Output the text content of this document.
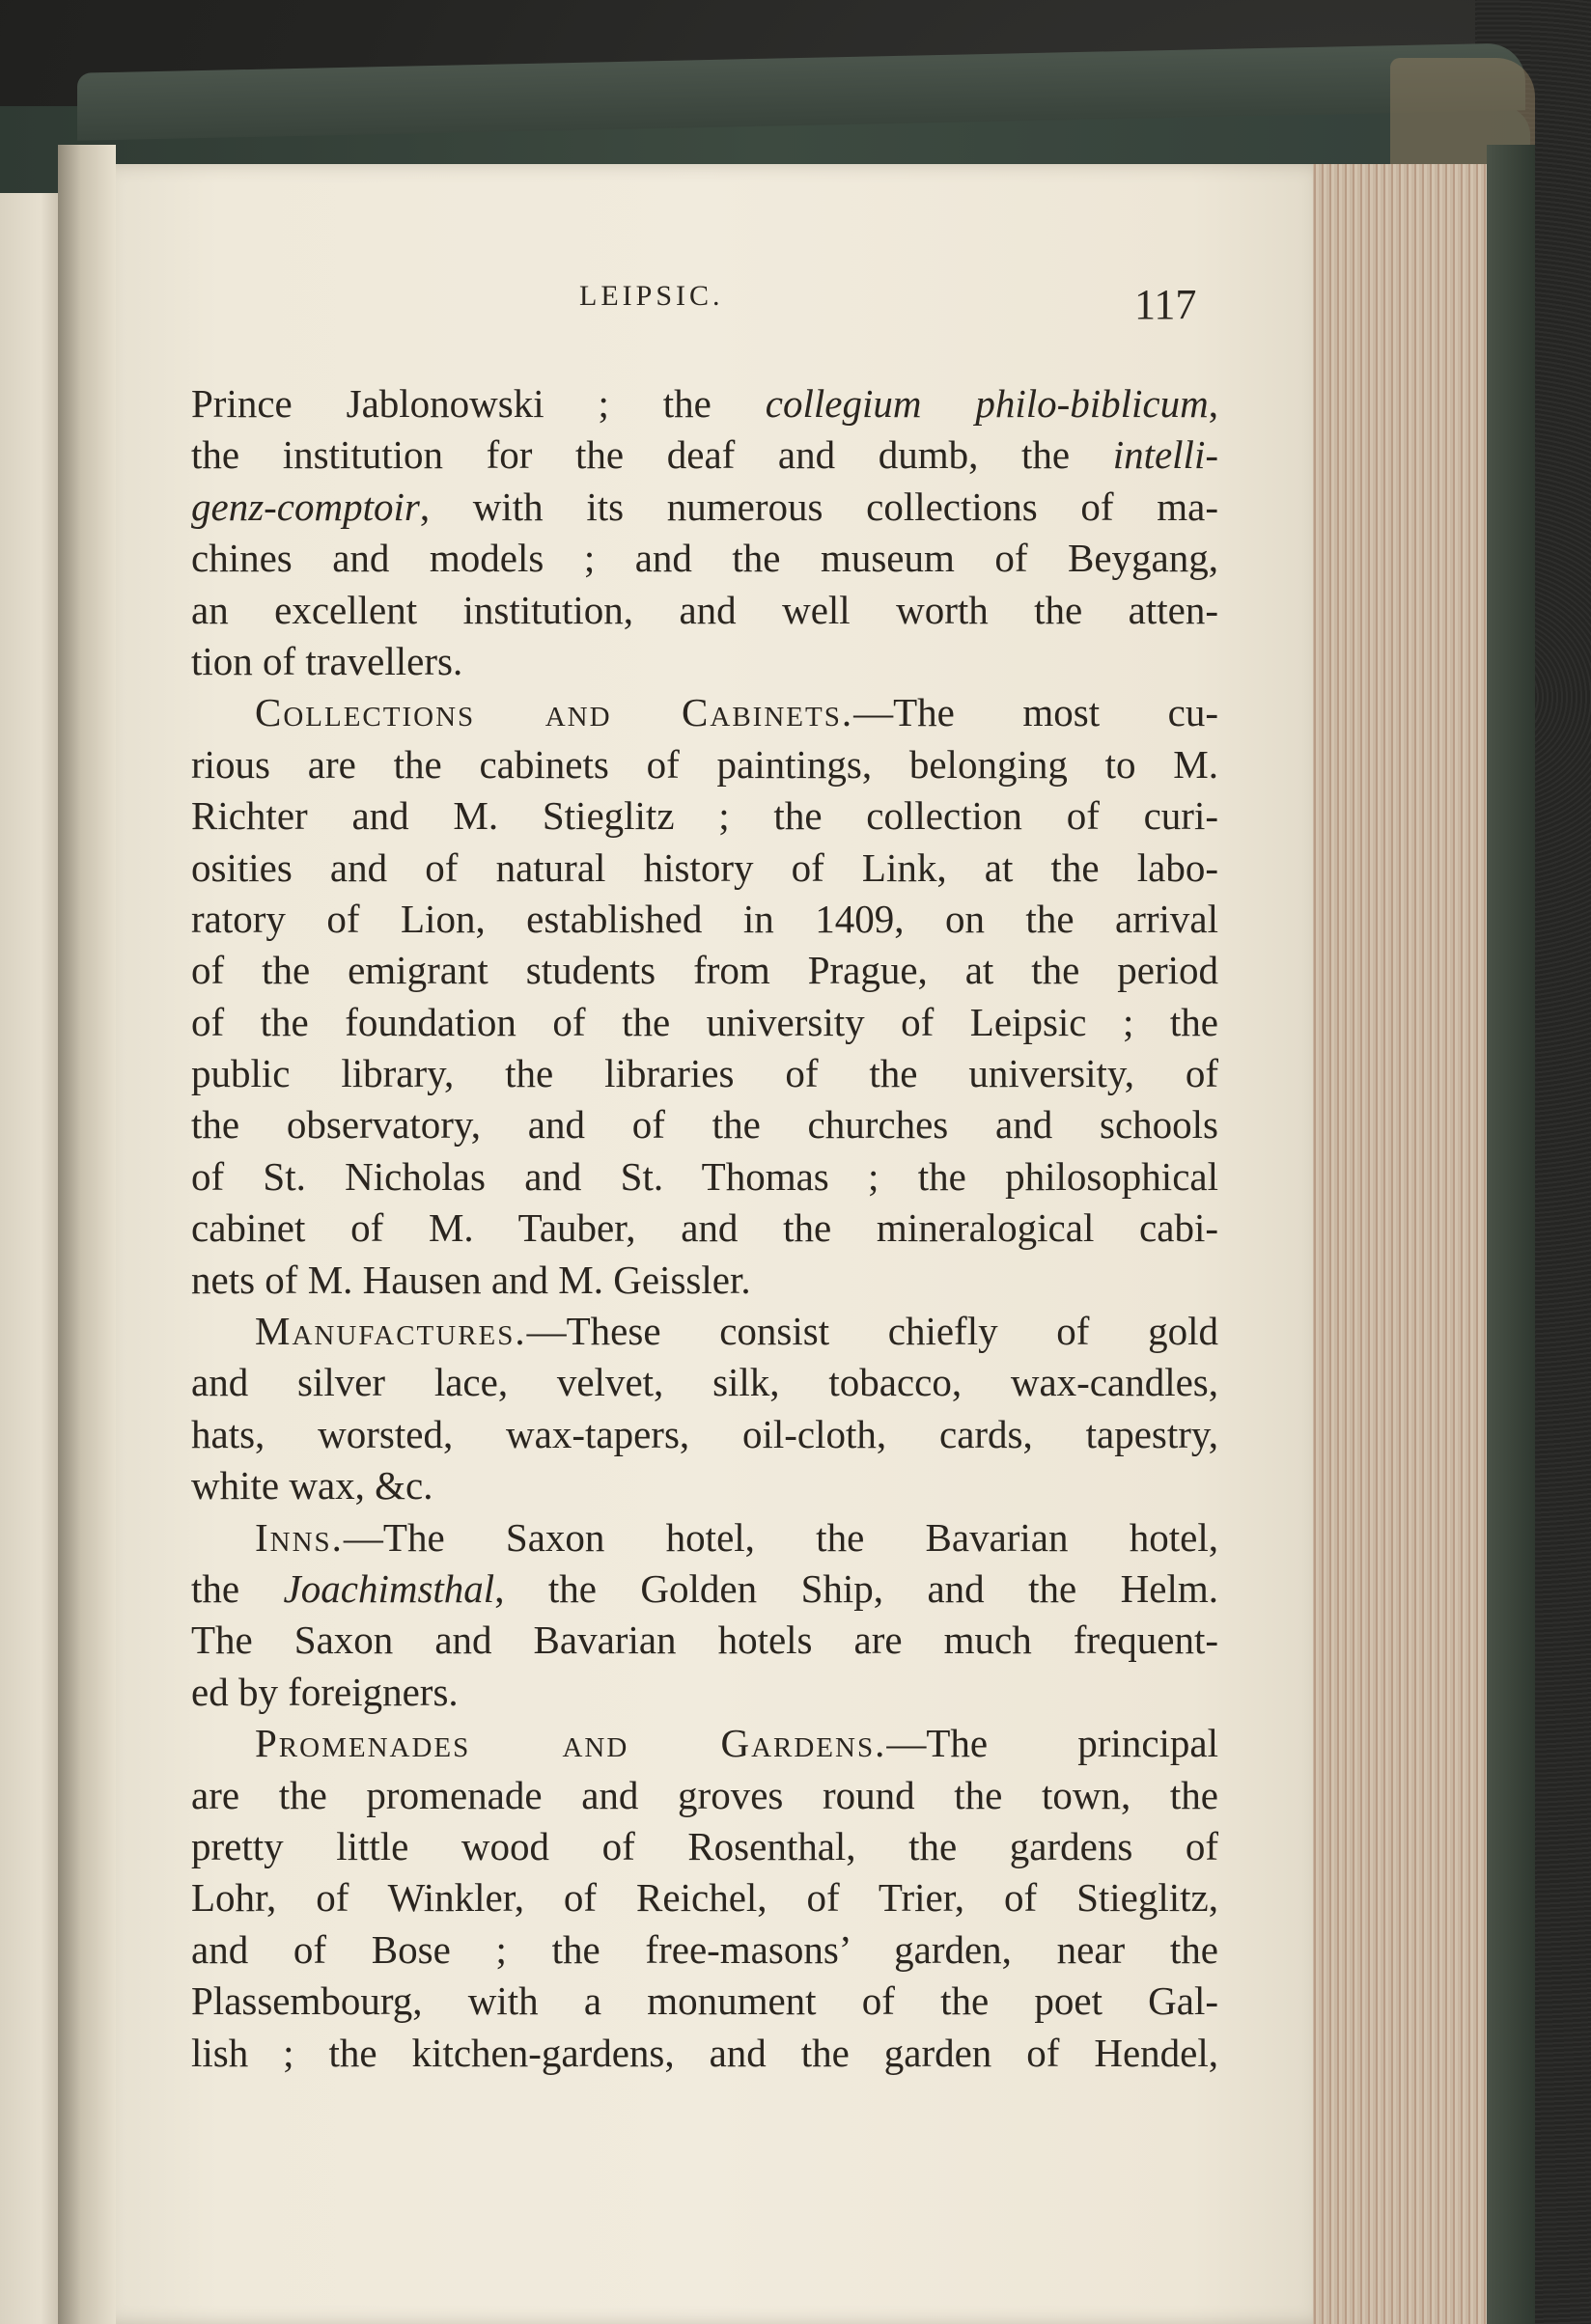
LEIPSIC.	117
Prince Jablonowski ; the collegium philo-biblicum,
the institution for the deaf and dumb, the intelli-
genz-comptoir, with its numerous collections of ma-
chines and models ; and the museum of Beygang,
an excellent institution, and well worth the atten-
tion of travellers.
Collections and Cabinets.—The most cu-
rious are the cabinets of paintings, belonging to M.
Richter and M. Stieglitz ; the collection of curi-
osities and of natural history of Link, at the labo-
ratory of Lion, established in 1409, on the arrival
of the emigrant students from Prague, at the period
of the foundation of the university of Leipsic ; the
public library, the libraries of the university, of
the observatory, and of the churches and schools
of St. Nicholas and St. Thomas ; the philosophical
cabinet of M. Tauber, and the mineralogical cabi-
nets of M. Hausen and M. Geissler.
Manufactures.—These consist chiefly of gold
and silver lace, velvet, silk, tobacco, wax-candles,
hats, worsted, wax-tapers, oil-cloth, cards, tapestry,
white wax, &c.
Inns.—The Saxon hotel, the Bavarian hotel,
the Joachimsthal, the Golden Ship, and the Helm.
The Saxon and Bavarian hotels are much frequent-
ed by foreigners.
Promenades and Gardens.—The principal
are the promenade and groves round the town, the
pretty little wood of Rosenthal, the gardens of
Lohr, of Winkler, of Reichel, of Trier, of Stieglitz,
and of Bose ; the free-masons’ garden, near the
Plassembourg, with a monument of the poet Gal-
lish ; the kitchen-gardens, and the garden of Hendel,
